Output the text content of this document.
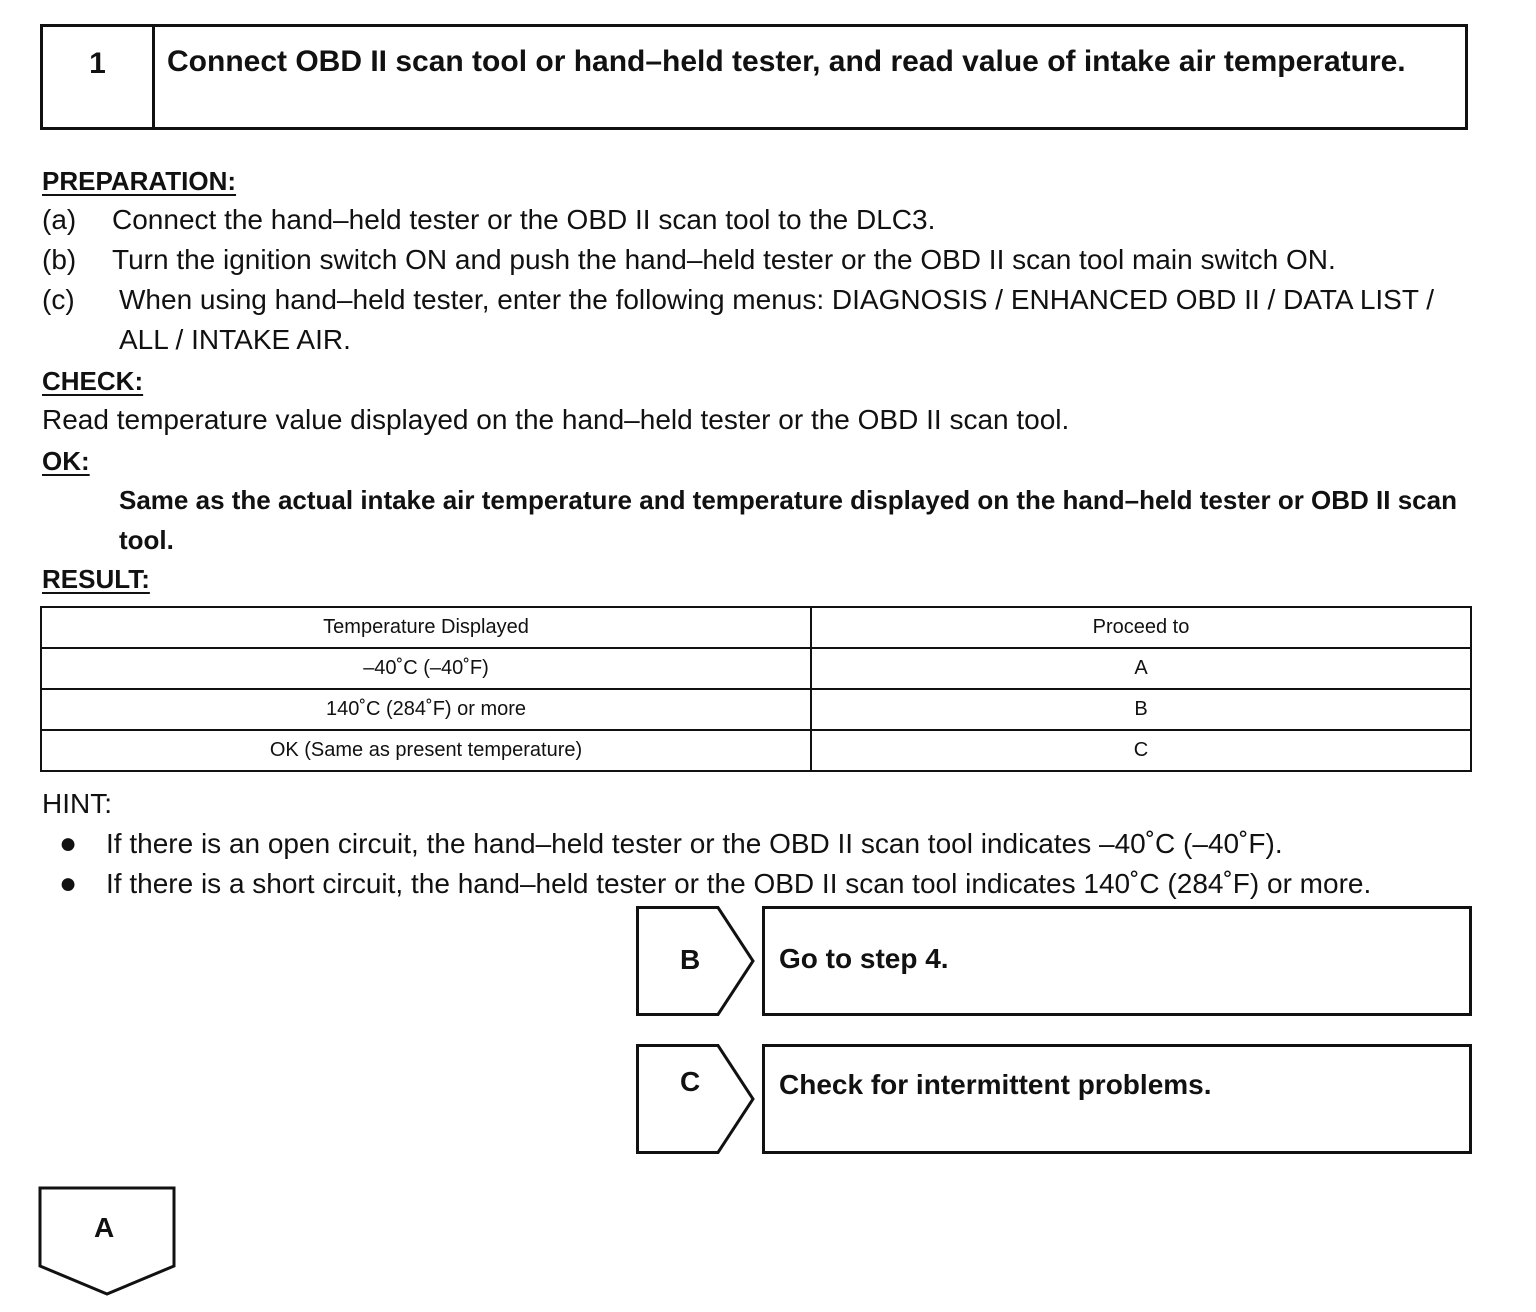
1	Connect OBD II scan tool or hand–held tester, and read value of intake air temperature.
PREPARATION:
(a) Connect the hand–held tester or the OBD II scan tool to the DLC3.
(b) Turn the ignition switch ON and push the hand–held tester or the OBD II scan tool main switch ON.
(c)	When using hand–held tester, enter the following menus: DIAGNOSIS / ENHANCED OBD II / DATA LIST / ALL / INTAKE AIR.
CHECK:
Read temperature value displayed on the hand–held tester or the OBD II scan tool.
OK:
Same as the actual intake air temperature and temperature displayed on the hand–held tester or OBD II scan tool.
RESULT:
Temperature Displayed	Proceed to
–40˚C (–40˚F)	A
140˚C (284˚F) or more	B
OK (Same as present temperature)	C
HINT:
● If there is an open circuit, the hand–held tester or the OBD II scan tool indicates –40˚C (–40˚F).
● If there is a short circuit, the hand–held tester or the OBD II scan tool indicates 140˚C (284˚F) or more.
B	Go to step 4.
C	Check for intermittent problems.
A
